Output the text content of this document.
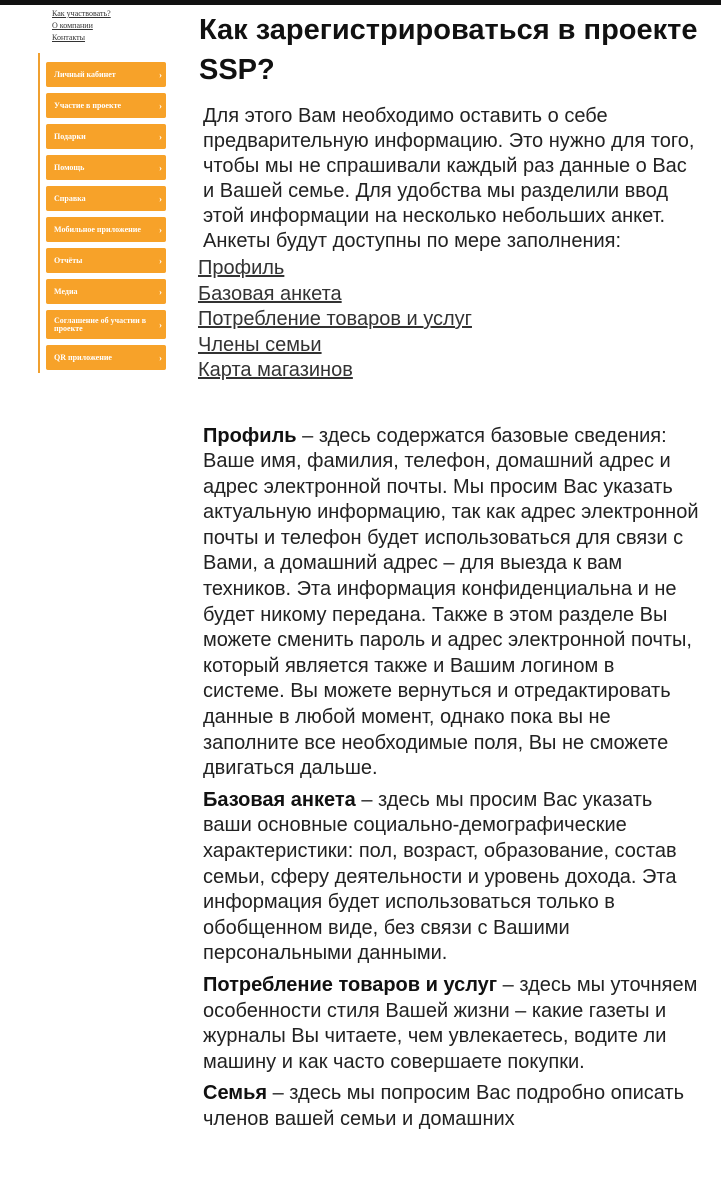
Как участвовать?
О компании
Контакты
Личный кабинет	›
Участие в проекте	›
Подарки	›
Помощь	›
Справка	›
Мобильное приложение ›
Отчёты	›
Медиа	›
Соглашение об участии в проекте	›
QR приложение	›
Как зарегистрироваться в проекте SSP?

Для этого Вам необходимо оставить о себе предварительную информацию. Это нужно для того, чтобы мы не спрашивали каждый раз данные о Вас и Вашей семье. Для удобства мы разделили ввод этой информации на несколько небольших анкет. Анкеты будут доступны по мере заполнения:

Профиль
Базовая анкета
Потребление товаров и услуг
Члены семьи
Карта магазинов

Профиль – здесь содержатся базовые сведения: Ваше имя, фамилия, телефон, домашний адрес и адрес электронной почты. Мы просим Вас указать актуальную информацию, так как адрес электронной почты и телефон будет использоваться для связи с Вами, а домашний адрес – для выезда к вам техников. Эта информация конфиденциальна и не будет никому передана. Также в этом разделе Вы можете сменить пароль и адрес электронной почты, который является также и Вашим логином в системе. Вы можете вернуться и отредактировать данные в любой момент, однако пока вы не заполните все необходимые поля, Вы не сможете двигаться дальше.

Базовая анкета – здесь мы просим Вас указать ваши основные социально-демографические характеристики: пол, возраст, образование, состав семьи, сферу деятельности и уровень дохода. Эта информация будет использоваться только в обобщенном виде, без связи с Вашими персональными данными.

Потребление товаров и услуг – здесь мы уточняем особенности стиля Вашей жизни – какие газеты и журналы Вы читаете, чем увлекаетесь, водите ли машину и как часто совершаете покупки.

Семья – здесь мы попросим Вас подробно описать членов вашей семьи и домашних
